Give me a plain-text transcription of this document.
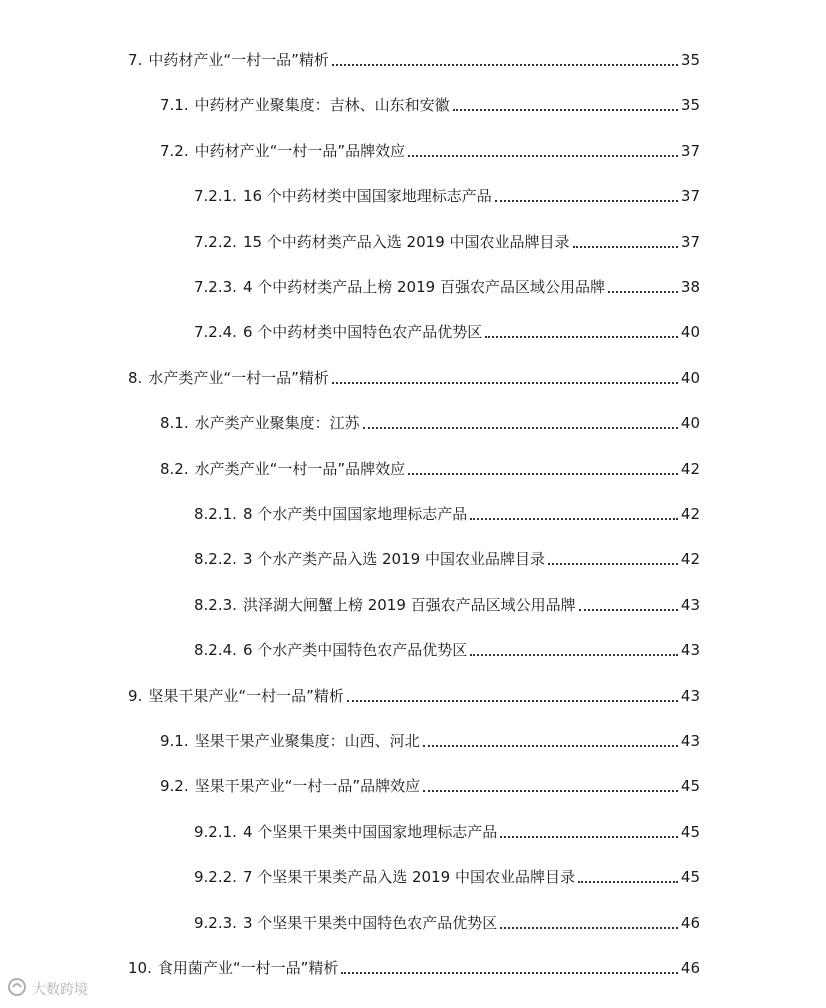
7. 中药材产业“一村一品”精析	35
7.1. 中药材产业聚集度：吉林、山东和安徽	35
7.2. 中药材产业“一村一品”品牌效应	37
7.2.1. 16 个中药材类中国国家地理标志产品	37
7.2.2. 15 个中药材类产品入选 2019 中国农业品牌目录	37
7.2.3. 4 个中药材类产品上榜 2019 百强农产品区域公用品牌	38
7.2.4. 6 个中药材类中国特色农产品优势区	40
8. 水产类产业“一村一品”精析	40
8.1. 水产类产业聚集度：江苏	40
8.2. 水产类产业“一村一品”品牌效应	42
8.2.1. 8 个水产类中国国家地理标志产品	42
8.2.2. 3 个水产类产品入选 2019 中国农业品牌目录	42
8.2.3. 洪泽湖大闸蟹上榜 2019 百强农产品区域公用品牌	43
8.2.4. 6 个水产类中国特色农产品优势区	43
9. 坚果干果产业“一村一品”精析	43
9.1. 坚果干果产业聚集度：山西、河北	43
9.2. 坚果干果产业“一村一品”品牌效应	45
9.2.1. 4 个坚果干果类中国国家地理标志产品	45
9.2.2. 7 个坚果干果类产品入选 2019 中国农业品牌目录	45
9.2.3. 3 个坚果干果类中国特色农产品优势区	46
10. 食用菌产业“一村一品”精析	46
大数跨境
